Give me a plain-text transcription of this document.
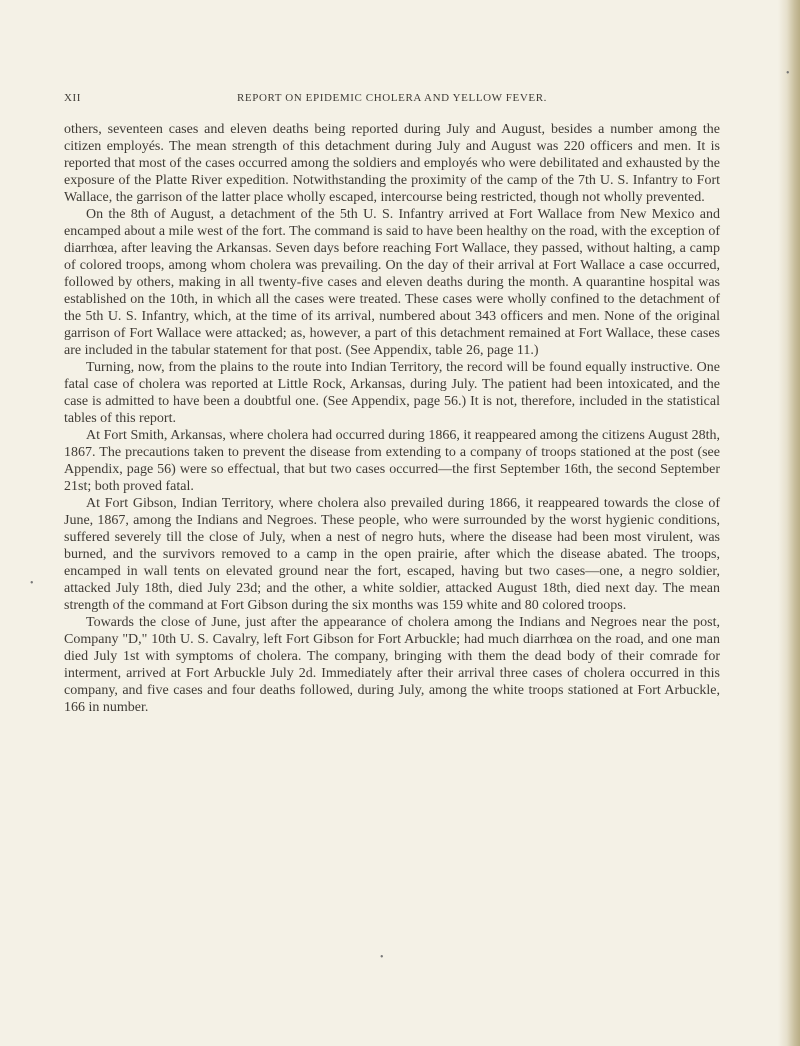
XII	REPORT ON EPIDEMIC CHOLERA AND YELLOW FEVER.

others, seventeen cases and eleven deaths being reported during July and August, besides a number among the citizen employés. The mean strength of this detachment during July and August was 220 officers and men. It is reported that most of the cases occurred among the soldiers and employés who were debilitated and exhausted by the exposure of the Platte River expedition. Notwithstanding the proximity of the camp of the 7th U. S. Infantry to Fort Wallace, the garrison of the latter place wholly escaped, intercourse being restricted, though not wholly prevented.

On the 8th of August, a detachment of the 5th U. S. Infantry arrived at Fort Wallace from New Mexico and encamped about a mile west of the fort. The command is said to have been healthy on the road, with the exception of diarrhœa, after leaving the Arkansas. Seven days before reaching Fort Wallace, they passed, without halting, a camp of colored troops, among whom cholera was prevailing. On the day of their arrival at Fort Wallace a case occurred, followed by others, making in all twenty-five cases and eleven deaths during the month. A quarantine hospital was established on the 10th, in which all the cases were treated. These cases were wholly confined to the detachment of the 5th U. S. Infantry, which, at the time of its arrival, numbered about 343 officers and men. None of the original garrison of Fort Wallace were attacked; as, however, a part of this detachment remained at Fort Wallace, these cases are included in the tabular statement for that post. (See Appendix, table 26, page 11.)

Turning, now, from the plains to the route into Indian Territory, the record will be found equally instructive. One fatal case of cholera was reported at Little Rock, Arkansas, during July. The patient had been intoxicated, and the case is admitted to have been a doubtful one. (See Appendix, page 56.) It is not, therefore, included in the statistical tables of this report.

At Fort Smith, Arkansas, where cholera had occurred during 1866, it reappeared among the citizens August 28th, 1867. The precautions taken to prevent the disease from extending to a company of troops stationed at the post (see Appendix, page 56) were so effectual, that but two cases occurred—the first September 16th, the second September 21st; both proved fatal.

At Fort Gibson, Indian Territory, where cholera also prevailed during 1866, it reappeared towards the close of June, 1867, among the Indians and Negroes. These people, who were surrounded by the worst hygienic conditions, suffered severely till the close of July, when a nest of negro huts, where the disease had been most virulent, was burned, and the survivors removed to a camp in the open prairie, after which the disease abated. The troops, encamped in wall tents on elevated ground near the fort, escaped, having but two cases—one, a negro soldier, attacked July 18th, died July 23d; and the other, a white soldier, attacked August 18th, died next day. The mean strength of the command at Fort Gibson during the six months was 159 white and 80 colored troops.

Towards the close of June, just after the appearance of cholera among the Indians and Negroes near the post, Company "D," 10th U. S. Cavalry, left Fort Gibson for Fort Arbuckle; had much diarrhœa on the road, and one man died July 1st with symptoms of cholera. The company, bringing with them the dead body of their comrade for interment, arrived at Fort Arbuckle July 2d. Immediately after their arrival three cases of cholera occurred in this company, and five cases and four deaths followed, during July, among the white troops stationed at Fort Arbuckle, 166 in number.

•
•
•
